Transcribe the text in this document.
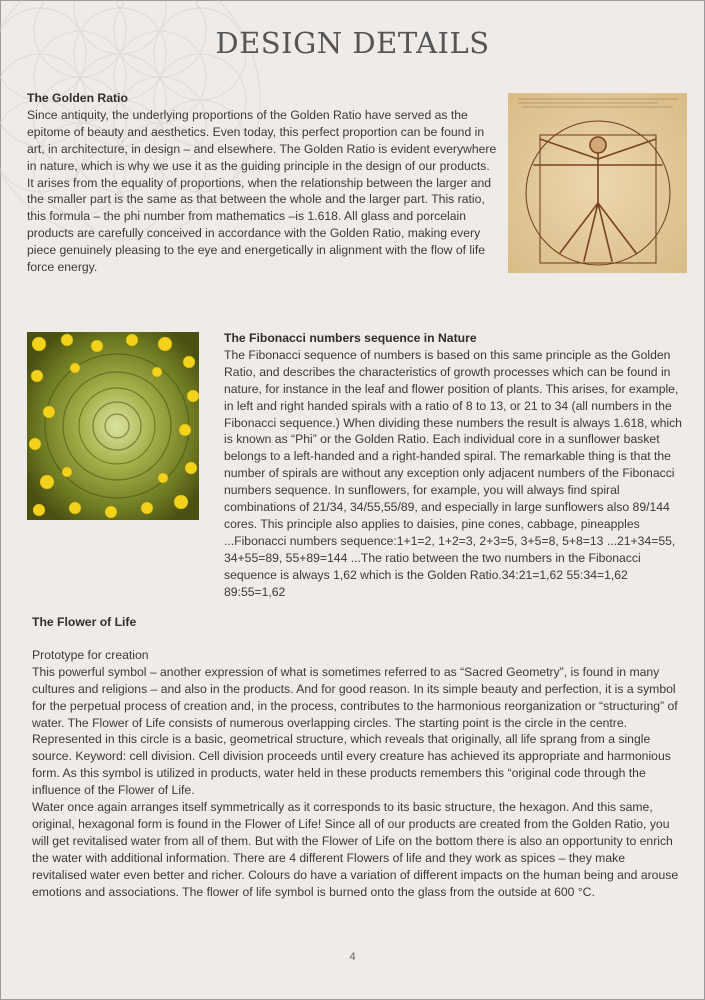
DESIGN DETAILS
The Golden Ratio

Since antiquity, the underlying proportions of the Golden Ratio have served as the epitome of beauty and aesthetics. Even today, this perfect proportion can be found in art, in architecture, in design – and elsewhere. The Golden Ratio is evident everywhere in nature, which is why we use it as the guiding principle in the design of our products. It arises from the equality of proportions, when the relationship between the larger and the smaller part is the same as that between the whole and the larger part. This ratio, this formula – the phi number from mathematics –is 1.618. All glass and porcelain products are carefully conceived in accordance with the Golden Ratio, making every piece genuinely pleasing to the eye and energetically in alignment with the flow of life force energy.

The Fibonacci numbers sequence in Nature

The Fibonacci sequence of numbers is based on this same principle as the Golden Ratio, and describes the characteristics of growth processes which can be found in nature, for instance in the leaf and flower position of plants. This arises, for example, in left and right handed spirals with a ratio of 8 to 13, or 21 to 34 (all numbers in the Fibonacci sequence.) When dividing these numbers the result is always 1.618, which is known as “Phi” or the Golden Ratio. Each individual core in a sunflower basket belongs to a left-handed and a right-handed spiral. The remarkable thing is that the number of spirals are without any exception only adjacent numbers of the Fibonacci numbers sequence. In sunflowers, for example, you will always find spiral combinations of 21/34, 34/55,55/89, and especially in large sunflowers also 89/144 cores. This principle also applies to daisies, pine cones, cabbage, pineapples ...Fibonacci numbers sequence:1+1=2, 1+2=3, 2+3=5, 3+5=8, 5+8=13 ...21+34=55, 34+55=89, 55+89=144 ...The ratio between the two numbers in the Fibonacci sequence is always 1,62 which is the Golden Ratio.34:21=1,62 55:34=1,62 89:55=1,62

The Flower of Life

Prototype for creation

This powerful symbol – another expression of what is sometimes referred to as “Sacred Geometry”, is found in many cultures and religions – and also in the products. And for good reason. In its simple beauty and perfection, it is a symbol for the perpetual process of creation and, in the process, contributes to the harmonious reorganization or “structuring” of water. The Flower of Life consists of numerous overlapping circles. The starting point is the circle in the centre. Represented in this circle is a basic, geometrical structure, which reveals that originally, all life sprang from a single source. Keyword: cell division. Cell division proceeds until every creature has achieved its appropriate and harmonious form. As this symbol is utilized in products, water held in these products remembers this “original code through the influence of the Flower of Life.

Water once again arranges itself symmetrically as it corresponds to its basic structure, the hexagon. And this same, original, hexagonal form is found in the Flower of Life! Since all of our products are created from the Golden Ratio, you will get revitalised water from all of them. But with the Flower of Life on the bottom there is also an opportunity to enrich the water with additional information. There are 4 different Flowers of life and they work as spices – they make revitalised water even better and richer. Colours do have a variation of different impacts on the human being and arouse emotions and associations. The flower of life symbol is burned onto the glass from the outside at 600 °C.

4
